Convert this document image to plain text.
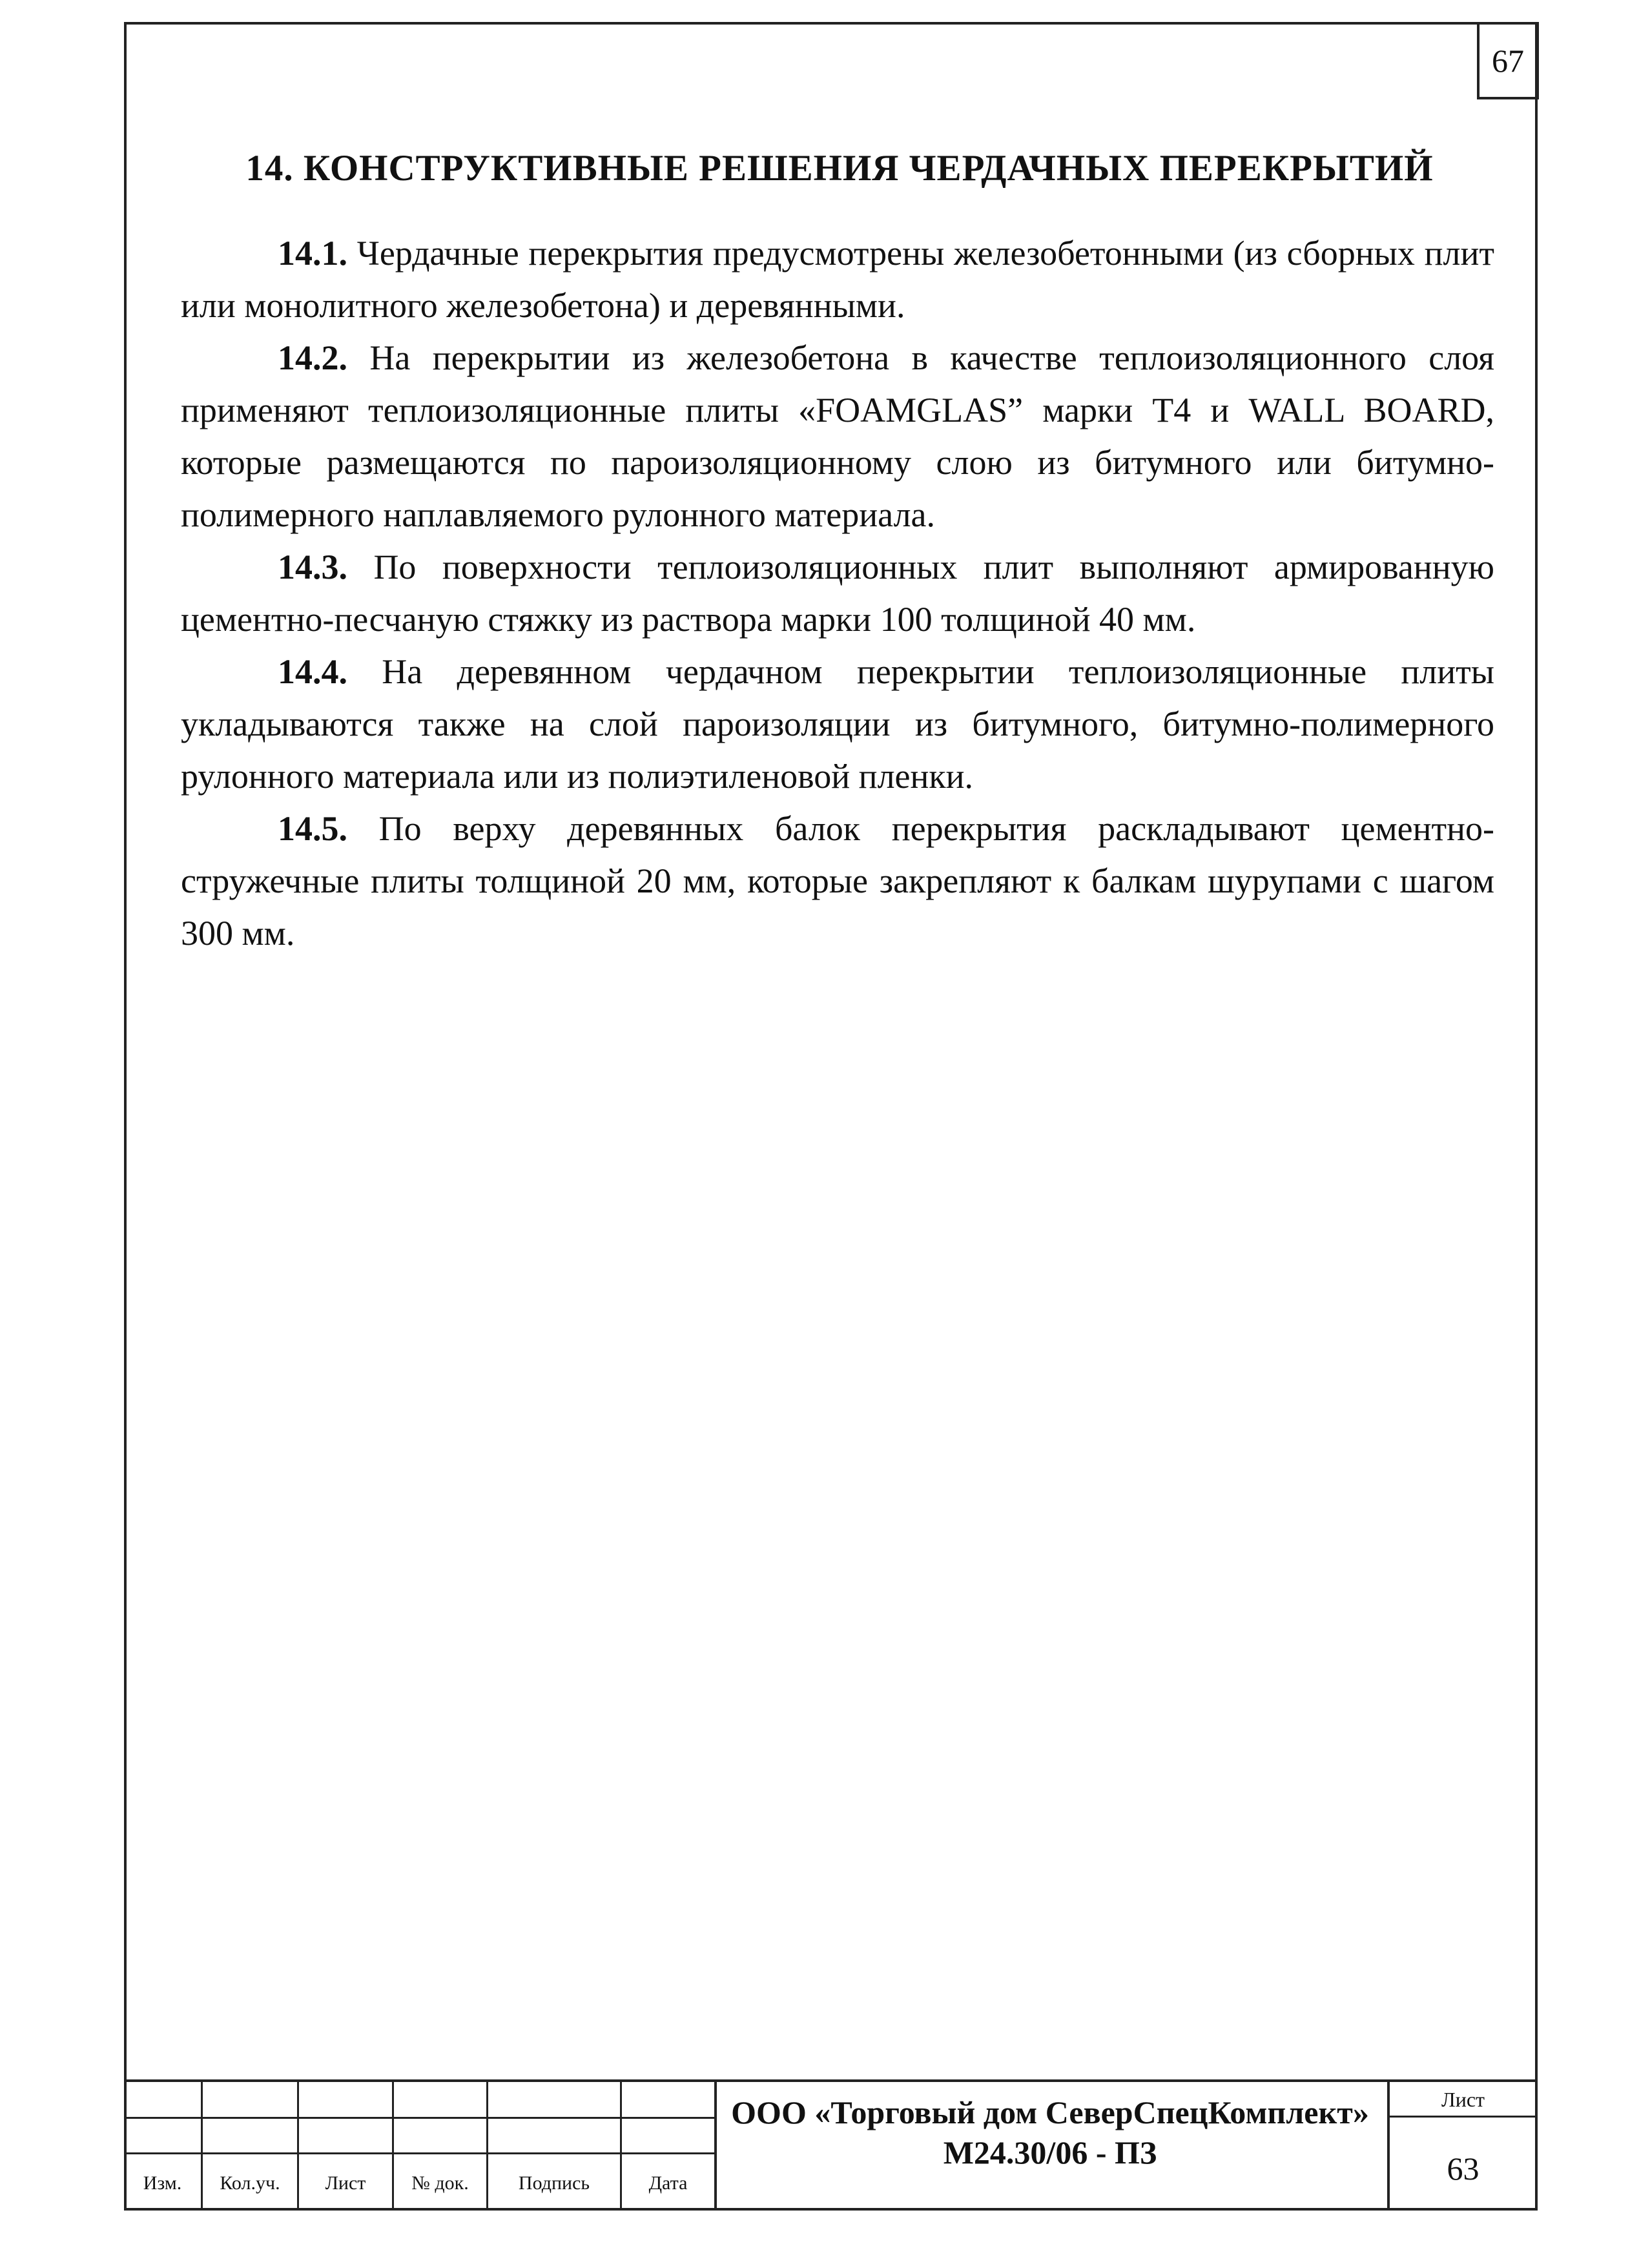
67
14. КОНСТРУКТИВНЫЕ РЕШЕНИЯ ЧЕРДАЧНЫХ ПЕРЕКРЫТИЙ

14.1. Чердачные перекрытия предусмотрены железобетонными (из сборных плит или монолитного железобетона) и деревянными.

14.2. На перекрытии из железобетона в качестве теплоизоляционного слоя применяют теплоизоляционные плиты «FOAMGLAS” марки Т4 и WALL BOARD, которые размещаются по пароизоляционному слою из битумного или битумно-полимерного наплавляемого рулонного материала.

14.3. По поверхности теплоизоляционных плит выполняют армированную цементно-песчаную стяжку из раствора марки 100 толщиной 40 мм.

14.4. На деревянном чердачном перекрытии теплоизоляционные плиты укладываются также на слой пароизоляции из битумного, битумно-полимерного рулонного материала или из полиэтиленовой пленки.

14.5. По верху деревянных балок перекрытия раскладывают цементно-стружечные плиты толщиной 20 мм, которые закрепляют к балкам шурупами с шагом 300 мм.

Изм.	Кол.уч.	Лист	№ док.	Подпись	Дата
ООО «Торговый дом СеверСпецКомплект»
М24.30/06 - ПЗ
Лист
63
